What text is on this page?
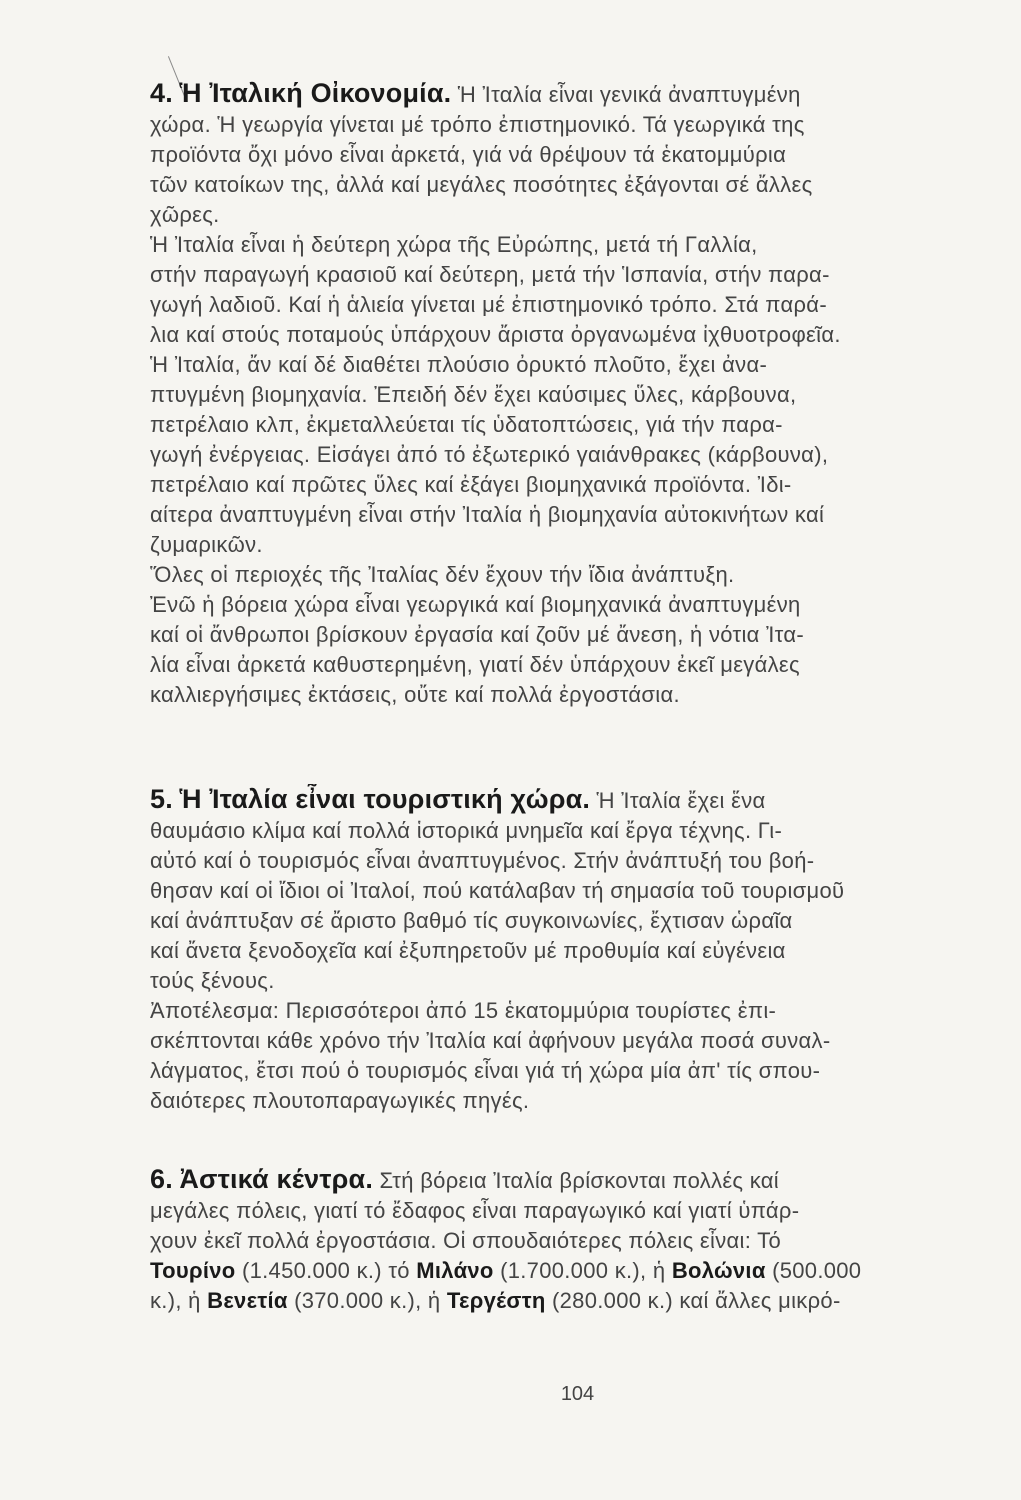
4. Ἡ Ἰταλική Οἰκονομία. Ἡ Ἰταλία εἶναι γενικά ἀναπτυγμένη
χώρα. Ἡ γεωργία γίνεται μέ τρόπο ἐπιστημονικό. Τά γεωργικά της
προϊόντα ὄχι μόνο εἶναι ἀρκετά, γιά νά θρέψουν τά ἑκατομμύρια
τῶν κατοίκων της, ἀλλά καί μεγάλες ποσότητες ἐξάγονται σέ ἄλλες
χῶρες.
Ἡ Ἰταλία εἶναι ἡ δεύτερη χώρα τῆς Εὐρώπης, μετά τή Γαλλία,
στήν παραγωγή κρασιοῦ καί δεύτερη, μετά τήν Ἱσπανία, στήν παρα-
γωγή λαδιοῦ. Καί ἡ ἁλιεία γίνεται μέ ἐπιστημονικό τρόπο. Στά παρά-
λια καί στούς ποταμούς ὑπάρχουν ἄριστα ὀργανωμένα ἰχθυοτροφεῖα.
Ἡ Ἰταλία, ἄν καί δέ διαθέτει πλούσιο ὀρυκτό πλοῦτο, ἔχει ἀνα-
πτυγμένη βιομηχανία. Ἐπειδή δέν ἔχει καύσιμες ὕλες, κάρβουνα,
πετρέλαιο κλπ, ἐκμεταλλεύεται τίς ὑδατοπτώσεις, γιά τήν παρα-
γωγή ἐνέργειας. Εἰσάγει ἀπό τό ἐξωτερικό γαιάνθρακες (κάρβουνα),
πετρέλαιο καί πρῶτες ὕλες καί ἐξάγει βιομηχανικά προϊόντα. Ἰδι-
αίτερα ἀναπτυγμένη εἶναι στήν Ἰταλία ἡ βιομηχανία αὐτοκινήτων καί
ζυμαρικῶν.
Ὅλες οἱ περιοχές τῆς Ἰταλίας δέν ἔχουν τήν ἴδια ἀνάπτυξη.
Ἐνῶ ἡ βόρεια χώρα εἶναι γεωργικά καί βιομηχανικά ἀναπτυγμένη
καί οἱ ἄνθρωποι βρίσκουν ἐργασία καί ζοῦν μέ ἄνεση, ἡ νότια Ἰτα-
λία εἶναι ἀρκετά καθυστερημένη, γιατί δέν ὑπάρχουν ἐκεῖ μεγάλες
καλλιεργήσιμες ἐκτάσεις, οὔτε καί πολλά ἐργοστάσια.
5. Ἡ Ἰταλία εἶναι τουριστική χώρα. Ἡ Ἰταλία ἔχει ἕνα
θαυμάσιο κλίμα καί πολλά ἱστορικά μνημεῖα καί ἔργα τέχνης. Γι-
αὐτό καί ὁ τουρισμός εἶναι ἀναπτυγμένος. Στήν ἀνάπτυξή του βοή-
θησαν καί οἱ ἴδιοι οἱ Ἰταλοί, πού κατάλαβαν τή σημασία τοῦ τουρισμοῦ
καί ἀνάπτυξαν σέ ἄριστο βαθμό τίς συγκοινωνίες, ἔχτισαν ὡραῖα
καί ἄνετα ξενοδοχεῖα καί ἐξυπηρετοῦν μέ προθυμία καί εὐγένεια
τούς ξένους.
Ἀποτέλεσμα: Περισσότεροι ἀπό 15 ἑκατομμύρια τουρίστες ἐπι-
σκέπτονται κάθε χρόνο τήν Ἰταλία καί ἀφήνουν μεγάλα ποσά συναλ-
λάγματος, ἔτσι πού ὁ τουρισμός εἶναι γιά τή χώρα μία ἀπ' τίς σπου-
δαιότερες πλουτοπαραγωγικές πηγές.
6. Ἀστικά κέντρα. Στή βόρεια Ἰταλία βρίσκονται πολλές καί
μεγάλες πόλεις, γιατί τό ἔδαφος εἶναι παραγωγικό καί γιατί ὑπάρ-
χουν ἐκεῖ πολλά ἐργοστάσια. Οἱ σπουδαιότερες πόλεις εἶναι: Τό
Τουρίνο (1.450.000 κ.) τό Μιλάνο (1.700.000 κ.), ἡ Βολώνια (500.000
κ.), ἡ Βενετία (370.000 κ.), ἡ Τεργέστη (280.000 κ.) καί ἄλλες μικρό-
104
